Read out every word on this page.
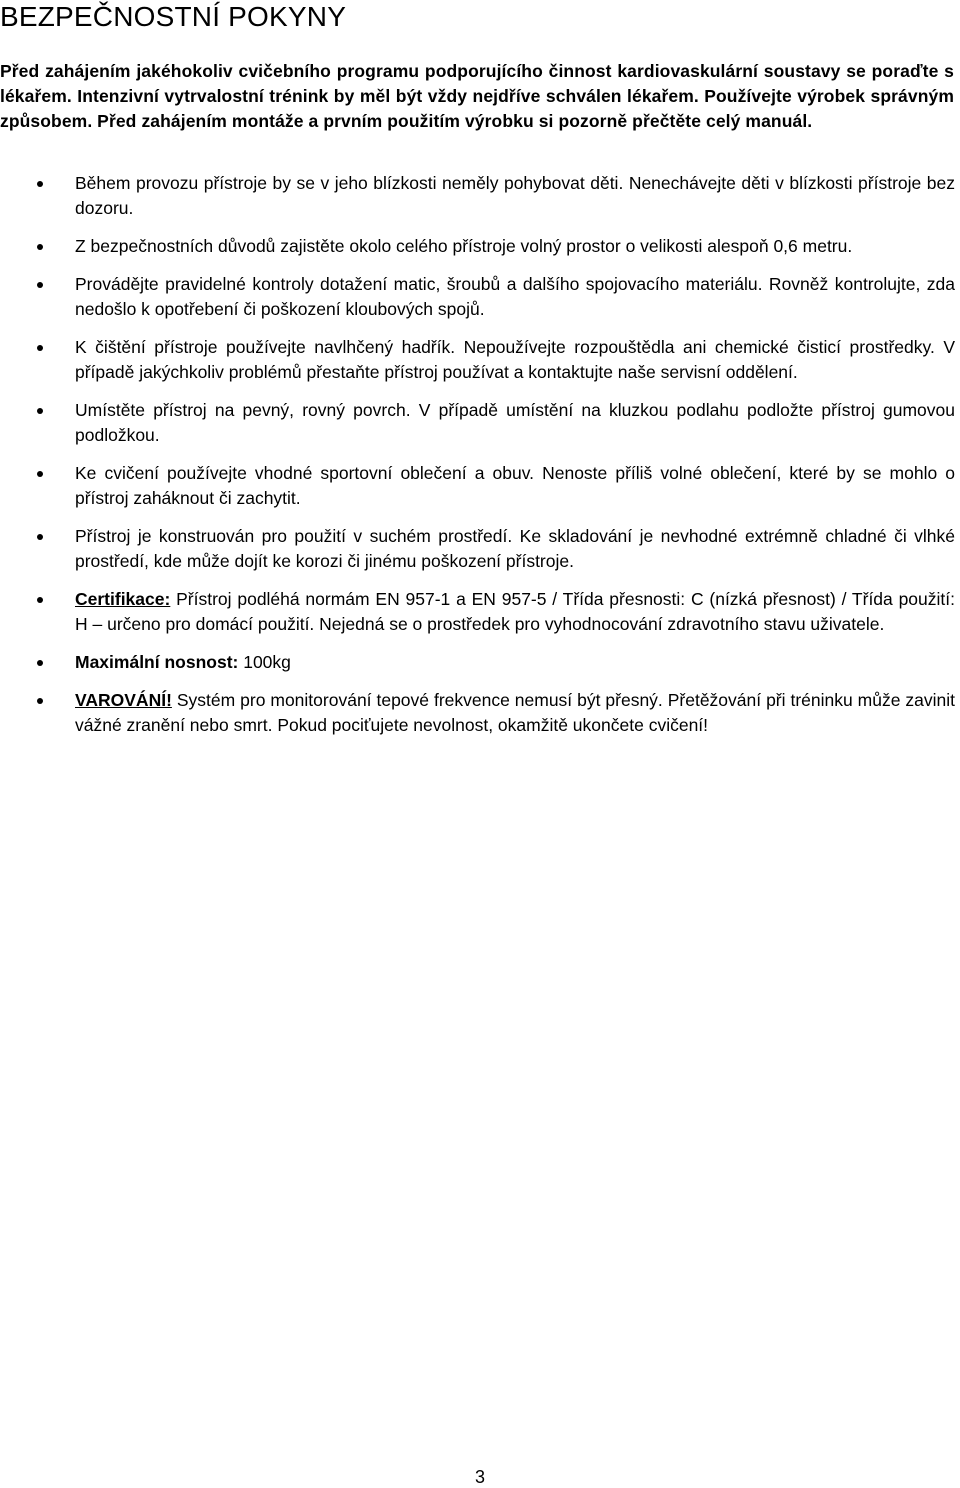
BEZPEČNOSTNÍ POKYNY

Před zahájením jakéhokoliv cvičebního programu podporujícího činnost kardiovaskulární soustavy se poraďte s lékařem. Intenzivní vytrvalostní trénink by měl být vždy nejdříve schválen lékařem. Používejte výrobek správným způsobem. Před zahájením montáže a prvním použitím výrobku si pozorně přečtěte celý manuál.

Během provozu přístroje by se v jeho blízkosti neměly pohybovat děti. Nenechávejte děti v blízkosti přístroje bez dozoru.
Z bezpečnostních důvodů zajistěte okolo celého přístroje volný prostor o velikosti alespoň 0,6 metru.
Provádějte pravidelné kontroly dotažení matic, šroubů a dalšího spojovacího materiálu. Rovněž kontrolujte, zda nedošlo k opotřebení či poškození kloubových spojů.
K čištění přístroje používejte navlhčený hadřík. Nepoužívejte rozpouštědla ani chemické čisticí prostředky. V případě jakýchkoliv problémů přestaňte přístroj používat a kontaktujte naše servisní oddělení.
Umístěte přístroj na pevný, rovný povrch. V případě umístění na kluzkou podlahu podložte přístroj gumovou podložkou.
Ke cvičení používejte vhodné sportovní oblečení a obuv. Nenoste příliš volné oblečení, které by se mohlo o přístroj zaháknout či zachytit.
Přístroj je konstruován pro použití v suchém prostředí. Ke skladování je nevhodné extrémně chladné či vlhké prostředí, kde může dojít ke korozi či jinému poškození přístroje.
Certifikace: Přístroj podléhá normám EN 957-1 a EN 957-5 / Třída přesnosti: C (nízká přesnost) / Třída použití: H – určeno pro domácí použití. Nejedná se o prostředek pro vyhodnocování zdravotního stavu uživatele.
Maximální nosnost: 100kg
VAROVÁNÍ! Systém pro monitorování tepové frekvence nemusí být přesný. Přetěžování při tréninku může zavinit vážné zranění nebo smrt. Pokud pociťujete nevolnost, okamžitě ukončete cvičení!
3
